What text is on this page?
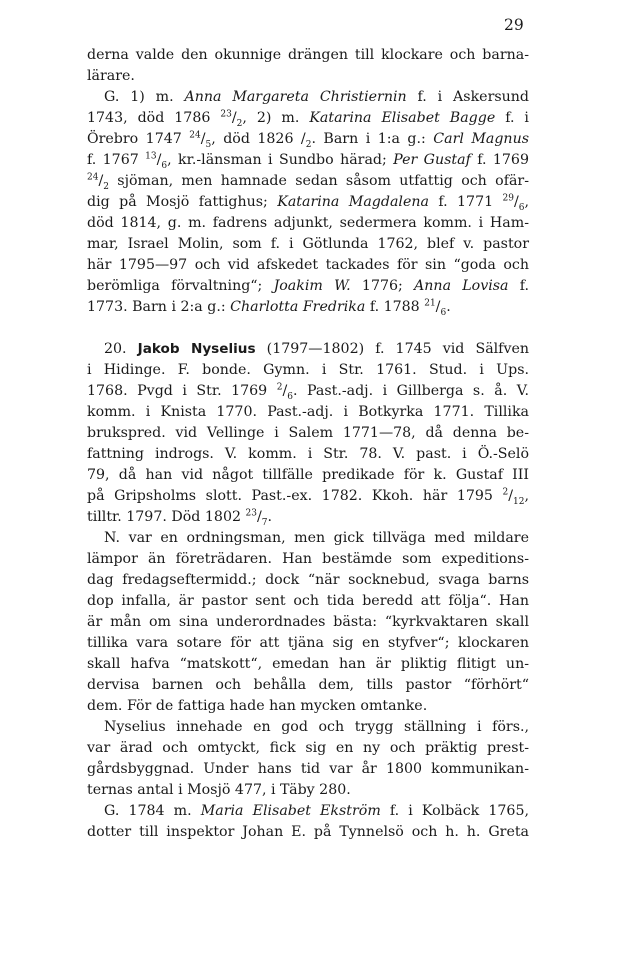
29
derna valde den okunnige drängen till klockare och barna-
lärare.
G. 1) m. Anna Margareta Christiernin f. i Askersund
1743, död 1786 $^{23}/_2$, 2) m. Katarina Elisabet Bagge f. i
Örebro 1747 $^{24}/_5$, död 1826 $/_2$. Barn i 1:a g.: Carl Magnus
f. 1767 $^{13}/_6$, kr.-länsman i Sundbo härad; Per Gustaf f. 1769
$^{24}/_2$ sjöman, men hamnade sedan såsom utfattig och ofär-
dig på Mosjö fattighus; Katarina Magdalena f. 1771 $^{29}/_6$,
död 1814, g. m. fadrens adjunkt, sedermera komm. i Ham-
mar, Israel Molin, som f. i Götlunda 1762, blef v. pastor
här 1795—97 och vid afskedet tackades för sin “goda och
berömliga förvaltning“; Joakim W. 1776; Anna Lovisa f.
1773. Barn i 2:a g.: Charlotta Fredrika f. 1788 $^{21}/_6$.
20. Jakob Nyselius (1797—1802) f. 1745 vid Sälfven
i Hidinge. F. bonde. Gymn. i Str. 1761. Stud. i Ups.
1768. Pvgd i Str. 1769 $^2/_6$. Past.-adj. i Gillberga s. å. V.
komm. i Knista 1770. Past.-adj. i Botkyrka 1771. Tillika
brukspred. vid Vellinge i Salem 1771—78, då denna be-
fattning indrogs. V. komm. i Str. 78. V. past. i Ö.-Selö
79, då han vid något tillfälle predikade för k. Gustaf III
på Gripsholms slott. Past.-ex. 1782. Kkoh. här 1795 $^2/_{12}$,
tilltr. 1797. Död 1802 $^{23}/_7$.
N. var en ordningsman, men gick tillväga med mildare
lämpor än företrädaren. Han bestämde som expeditions-
dag fredagseftermidd.; dock “när socknebud, svaga barns
dop infalla, är pastor sent och tida beredd att följa“. Han
är mån om sina underordnades bästa: “kyrkvaktaren skall
tillika vara sotare för att tjäna sig en styfver“; klockaren
skall hafva “matskott“, emedan han är pliktig flitigt un-
dervisa barnen och behålla dem, tills pastor “förhört“
dem. För de fattiga hade han mycken omtanke.
Nyselius innehade en god och trygg ställning i förs.,
var ärad och omtyckt, fick sig en ny och präktig prest-
gårdsbyggnad. Under hans tid var år 1800 kommunikan-
ternas antal i Mosjö 477, i Täby 280.
G. 1784 m. Maria Elisabet Ekström f. i Kolbäck 1765,
dotter till inspektor Johan E. på Tynnelsö och h. h. Greta
